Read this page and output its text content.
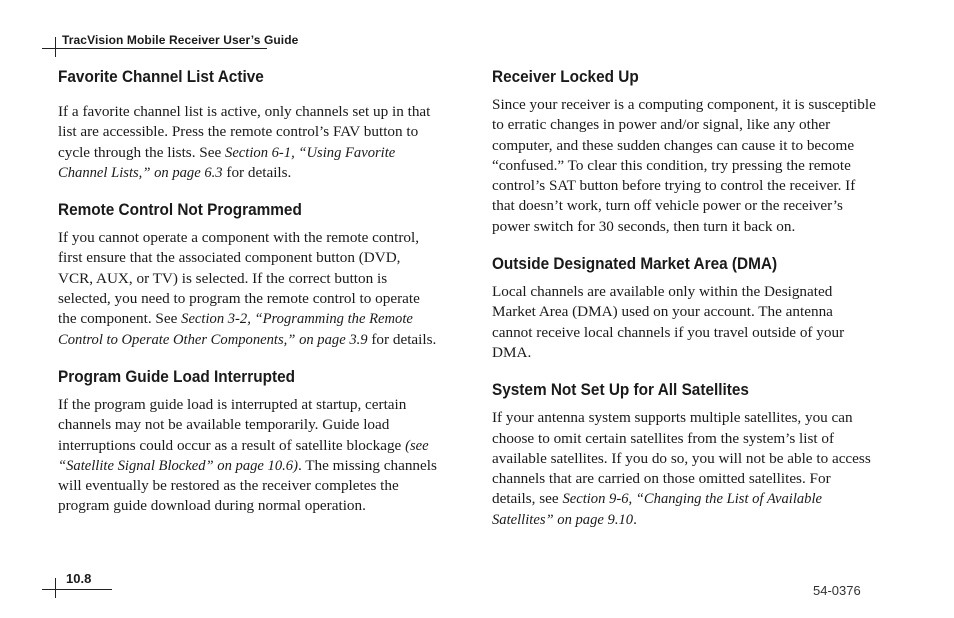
TracVision Mobile Receiver User’s Guide
Favorite Channel List Active

If a favorite channel list is active, only channels set up in that list are accessible. Press the remote control’s FAV button to cycle through the lists. See Section 6-1, “Using Favorite Channel Lists,” on page 6.3 for details.

Remote Control Not Programmed

If you cannot operate a component with the remote control, first ensure that the associated component button (DVD, VCR, AUX, or TV) is selected. If the correct button is selected, you need to program the remote control to operate the component. See Section 3-2, “Programming the Remote Control to Operate Other Components,” on page 3.9 for details.

Program Guide Load Interrupted

If the program guide load is interrupted at startup, certain channels may not be available temporarily. Guide load interruptions could occur as a result of satellite blockage (see “Satellite Signal Blocked” on page 10.6). The missing channels will eventually be restored as the receiver completes the program guide download during normal operation.

Receiver Locked Up

Since your receiver is a computing component, it is susceptible to erratic changes in power and/or signal, like any other computer, and these sudden changes can cause it to become “confused.” To clear this condition, try pressing the remote control’s SAT button before trying to control the receiver. If that doesn’t work, turn off vehicle power or the receiver’s power switch for 30 seconds, then turn it back on.

Outside Designated Market Area (DMA)

Local channels are available only within the Designated Market Area (DMA) used on your account. The antenna cannot receive local channels if you travel outside of your DMA.

System Not Set Up for All Satellites

If your antenna system supports multiple satellites, you can choose to omit certain satellites from the system’s list of available satellites. If you do so, you will not be able to access channels that are carried on those omitted satellites. For details, see Section 9-6, “Changing the List of Available Satellites” on page 9.10.

10.8
54-0376
